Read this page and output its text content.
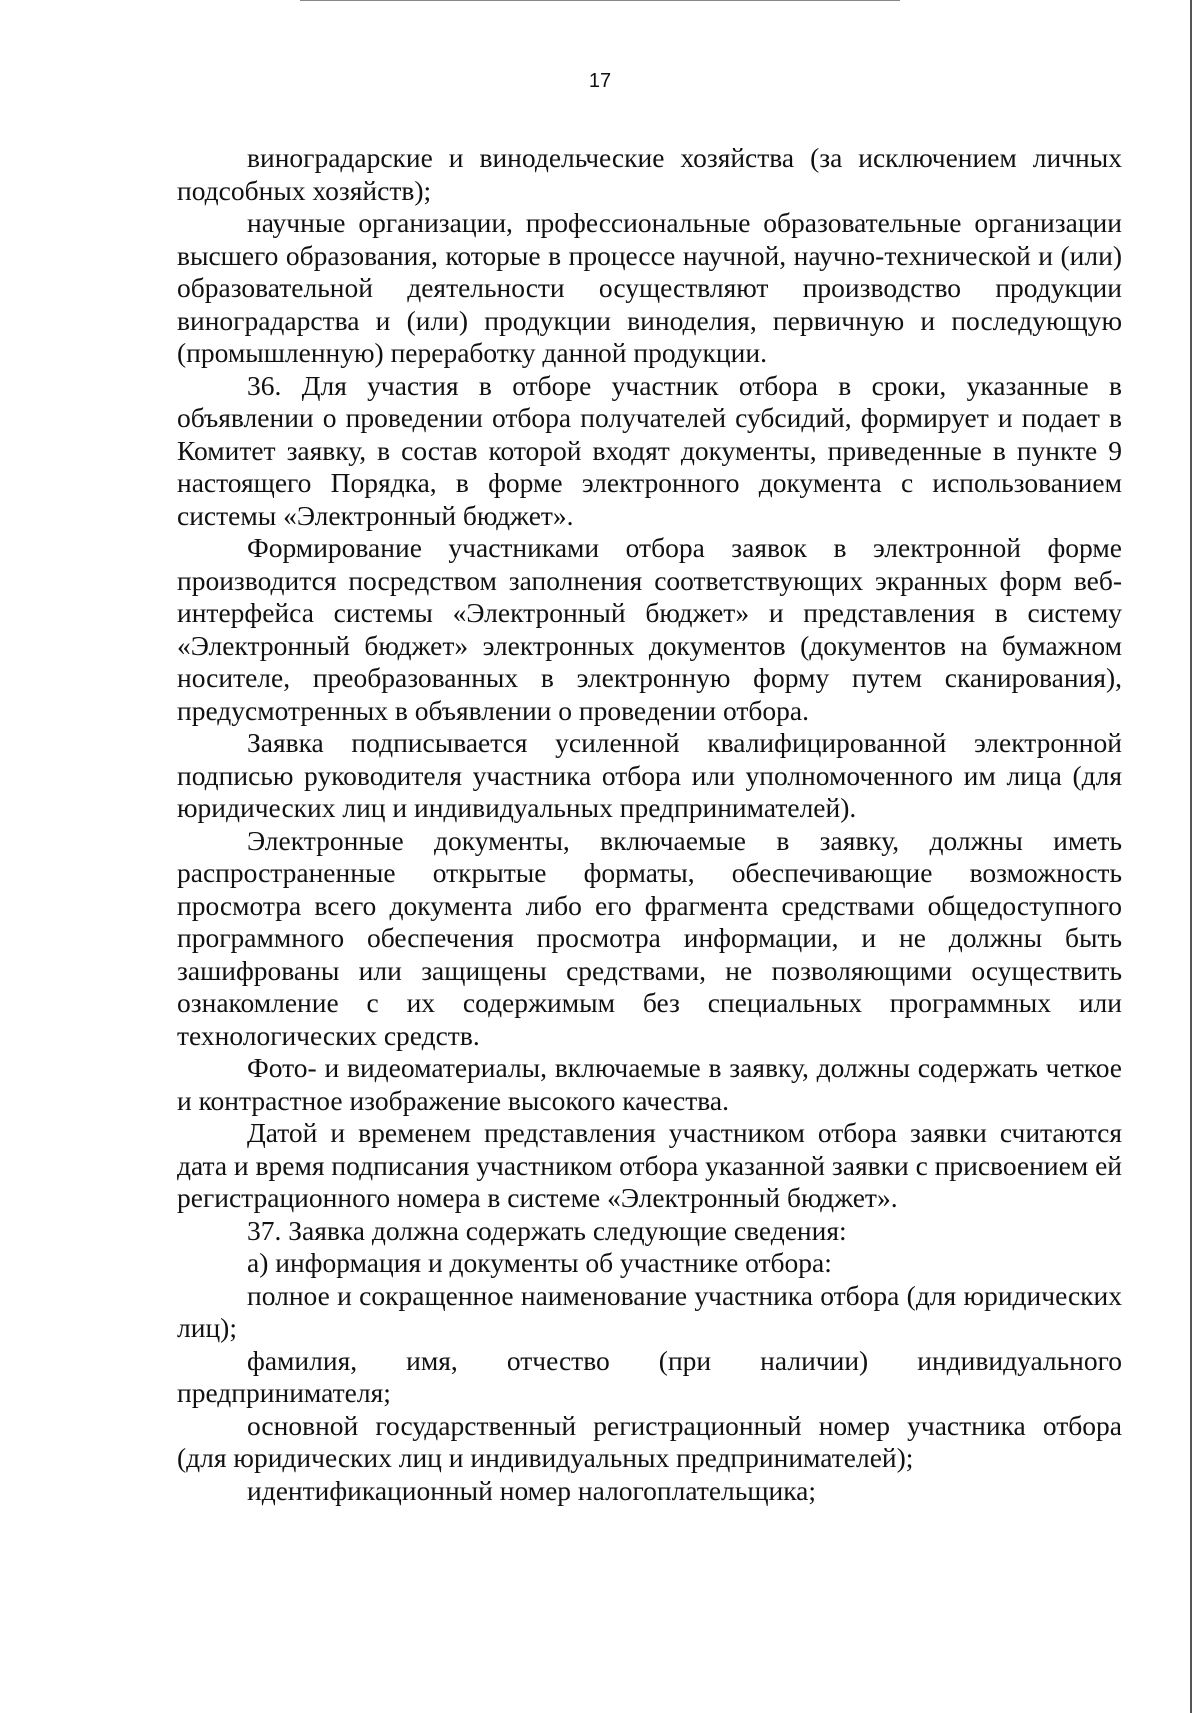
17

виноградарские и винодельческие хозяйства (за исключением личных подсобных хозяйств);

научные организации, профессиональные образовательные организации высшего образования, которые в процессе научной, научно-технической и (или) образовательной деятельности осуществляют производство продукции виноградарства и (или) продукции виноделия, первичную и последующую (промышленную) переработку данной продукции.

36. Для участия в отборе участник отбора в сроки, указанные в объявлении о проведении отбора получателей субсидий, формирует и подает в Комитет заявку, в состав которой входят документы, приведенные в пункте 9 настоящего Порядка, в форме электронного документа с использованием системы «Электронный бюджет».

Формирование участниками отбора заявок в электронной форме производится посредством заполнения соответствующих экранных форм веб-интерфейса системы «Электронный бюджет» и представления в систему «Электронный бюджет» электронных документов (документов на бумажном носителе, преобразованных в электронную форму путем сканирования), предусмотренных в объявлении о проведении отбора.

Заявка подписывается усиленной квалифицированной электронной подписью руководителя участника отбора или уполномоченного им лица (для юридических лиц и индивидуальных предпринимателей).

Электронные документы, включаемые в заявку, должны иметь распространенные открытые форматы, обеспечивающие возможность просмотра всего документа либо его фрагмента средствами общедоступного программного обеспечения просмотра информации, и не должны быть зашифрованы или защищены средствами, не позволяющими осуществить ознакомление с их содержимым без специальных программных или технологических средств.

Фото- и видеоматериалы, включаемые в заявку, должны содержать четкое и контрастное изображение высокого качества.

Датой и временем представления участником отбора заявки считаются дата и время подписания участником отбора указанной заявки с присвоением ей регистрационного номера в системе «Электронный бюджет».

37. Заявка должна содержать следующие сведения:

а) информация и документы об участнике отбора:

полное и сокращенное наименование участника отбора (для юридических лиц);

фамилия, имя, отчество (при наличии) индивидуального предпринимателя;

основной государственный регистрационный номер участника отбора (для юридических лиц и индивидуальных предпринимателей);

идентификационный номер налогоплательщика;
